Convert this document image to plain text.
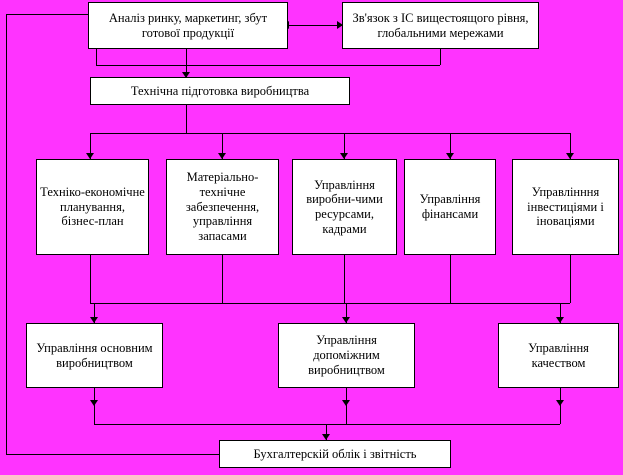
Аналіз ринку, маркетинг, збут готової продукції
Зв'язок з ІС вищестоящого рівня, глобальними мережами
Технічна підготовка виробництва
Техніко-економічне планування, бізнес-план
Матеріально-технічне забезпечення, управління запасами
Управління виробни-чими ресурсами, кадрами
Управління фінансами
Управлінння інвестиціями і іноваціями
Управління основним виробництвом
Управління допоміжним виробництвом
Управління качеством
Бухгалтерскій облік і звітність
